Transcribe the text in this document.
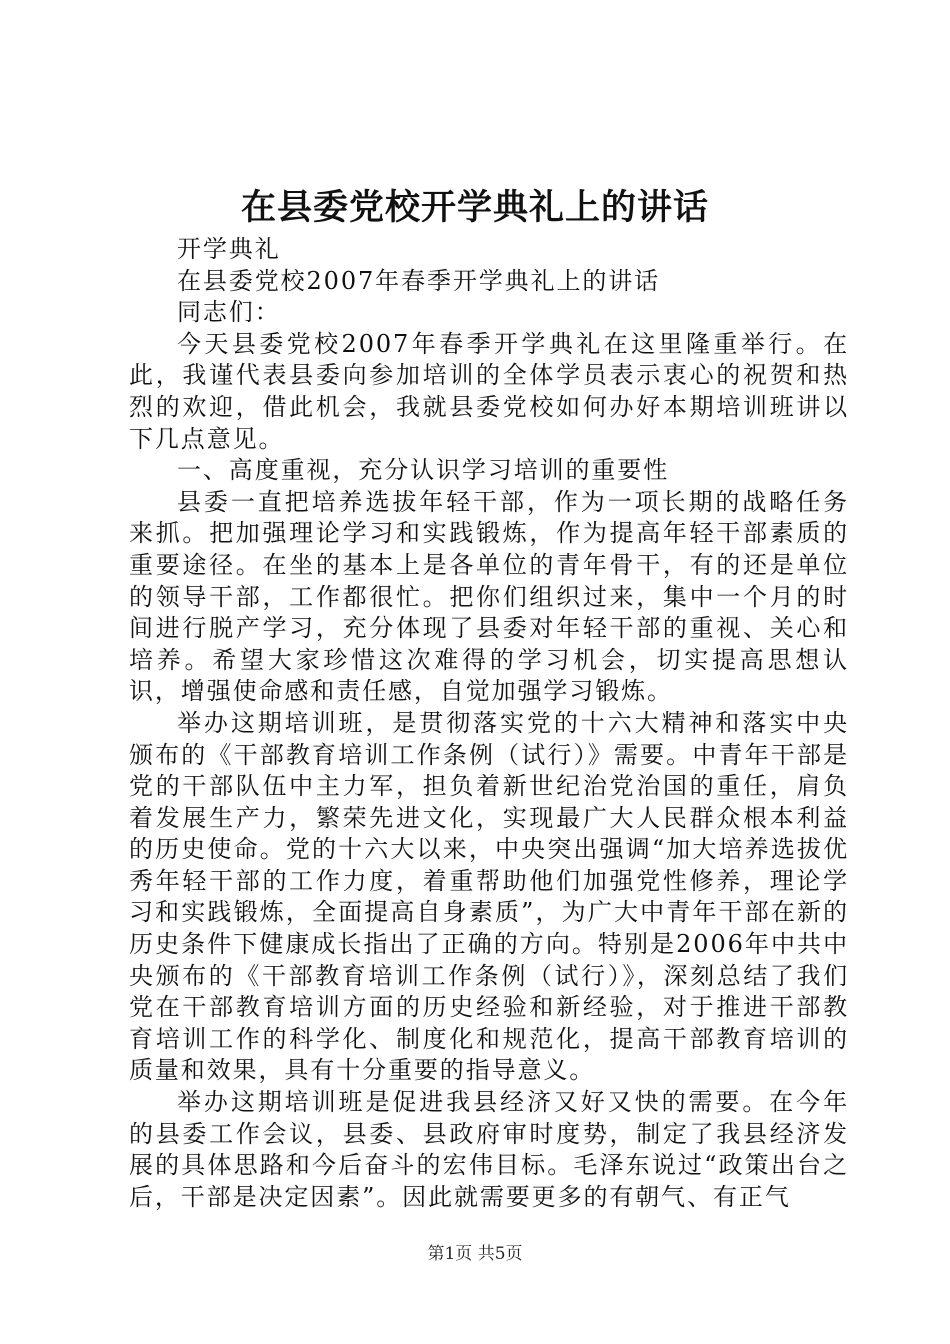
在县委党校开学典礼上的讲话

开学典礼

在县委党校2007年春季开学典礼上的讲话

同志们：

今天县委党校2007年春季开学典礼在这里隆重举行。在此，我谨代表县委向参加培训的全体学员表示衷心的祝贺和热烈的欢迎，借此机会，我就县委党校如何办好本期培训班讲以下几点意见。

一、高度重视，充分认识学习培训的重要性

县委一直把培养选拔年轻干部，作为一项长期的战略任务来抓。把加强理论学习和实践锻炼，作为提高年轻干部素质的重要途径。在坐的基本上是各单位的青年骨干，有的还是单位的领导干部，工作都很忙。把你们组织过来，集中一个月的时间进行脱产学习，充分体现了县委对年轻干部的重视、关心和培养。希望大家珍惜这次难得的学习机会，切实提高思想认识，增强使命感和责任感，自觉加强学习锻炼。

举办这期培训班，是贯彻落实党的十六大精神和落实中央颁布的《干部教育培训工作条例（试行）》需要。中青年干部是党的干部队伍中主力军，担负着新世纪治党治国的重任，肩负着发展生产力，繁荣先进文化，实现最广大人民群众根本利益的历史使命。党的十六大以来，中央突出强调“加大培养选拔优秀年轻干部的工作力度，着重帮助他们加强党性修养，理论学习和实践锻炼，全面提高自身素质”，为广大中青年干部在新的历史条件下健康成长指出了正确的方向。特别是2006年中共中央颁布的《干部教育培训工作条例（试行）》，深刻总结了我们党在干部教育培训方面的历史经验和新经验，对于推进干部教育培训工作的科学化、制度化和规范化，提高干部教育培训的质量和效果，具有十分重要的指导意义。

举办这期培训班是促进我县经济又好又快的需要。在今年的县委工作会议，县委、县政府审时度势，制定了我县经济发展的具体思路和今后奋斗的宏伟目标。毛泽东说过“政策出台之后，干部是决定因素”。因此就需要更多的有朝气、有正气

第1页 共5页
